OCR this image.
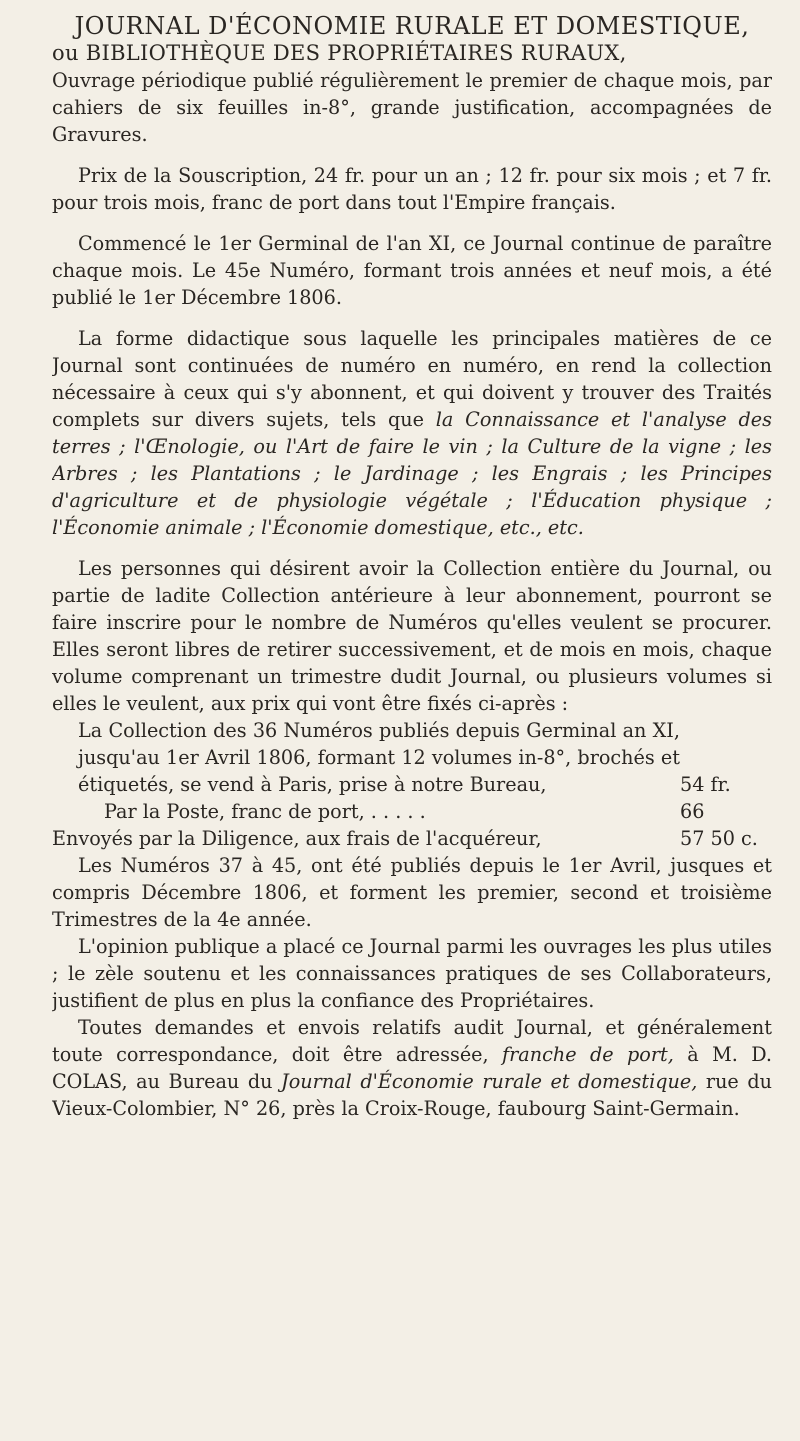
JOURNAL D'ÉCONOMIE RURALE ET DOMESTIQUE,
ou BIBLIOTHÈQUE DES PROPRIÉTAIRES RURAUX,

Ouvrage périodique publié régulièrement le premier de chaque mois, par cahiers de six feuilles in-8°, grande justification, accompagnées de Gravures.

Prix de la Souscription, 24 fr. pour un an ; 12 fr. pour six mois ; et 7 fr. pour trois mois, franc de port dans tout l'Empire français.

Commencé le 1er Germinal de l'an XI, ce Journal continue de paraître chaque mois. Le 45e Numéro, formant trois années et neuf mois, a été publié le 1er Décembre 1806.

La forme didactique sous laquelle les principales matières de ce Journal sont continuées de numéro en numéro, en rend la collection nécessaire à ceux qui s'y abonnent, et qui doivent y trouver des Traités complets sur divers sujets, tels que la Connaissance et l'analyse des terres ; l'Œnologie, ou l'Art de faire le vin ; la Culture de la vigne ; les Arbres ; les Plantations ; le Jardinage ; les Engrais ; les Principes d'agriculture et de physiologie végétale ; l'Éducation physique ; l'Économie animale ; l'Économie domestique, etc., etc.

Les personnes qui désirent avoir la Collection entière du Journal, ou partie de ladite Collection antérieure à leur abonnement, pourront se faire inscrire pour le nombre de Numéros qu'elles veulent se procurer. Elles seront libres de retirer successivement, et de mois en mois, chaque volume comprenant un trimestre dudit Journal, ou plusieurs volumes si elles le veulent, aux prix qui vont être fixés ci-après :

La Collection des 36 Numéros publiés depuis Germinal an XI, jusqu'au 1er Avril 1806, formant 12 volumes in-8°, brochés et étiquetés, se vend à Paris, prise à notre Bureau,	54 fr.
Par la Poste, franc de port, . . . . .	66
Envoyés par la Diligence, aux frais de l'acquéreur,	57 50 c.

Les Numéros 37 à 45, ont été publiés depuis le 1er Avril, jusques et compris Décembre 1806, et forment les premier, second et troisième Trimestres de la 4e année.

L'opinion publique a placé ce Journal parmi les ouvrages les plus utiles ; le zèle soutenu et les connaissances pratiques de ses Collaborateurs, justifient de plus en plus la confiance des Propriétaires.

Toutes demandes et envois relatifs audit Journal, et généralement toute correspondance, doit être adressée, franche de port, à M. D. COLAS, au Bureau du Journal d'Économie rurale et domestique, rue du Vieux-Colombier, N° 26, près la Croix-Rouge, faubourg Saint-Germain.
